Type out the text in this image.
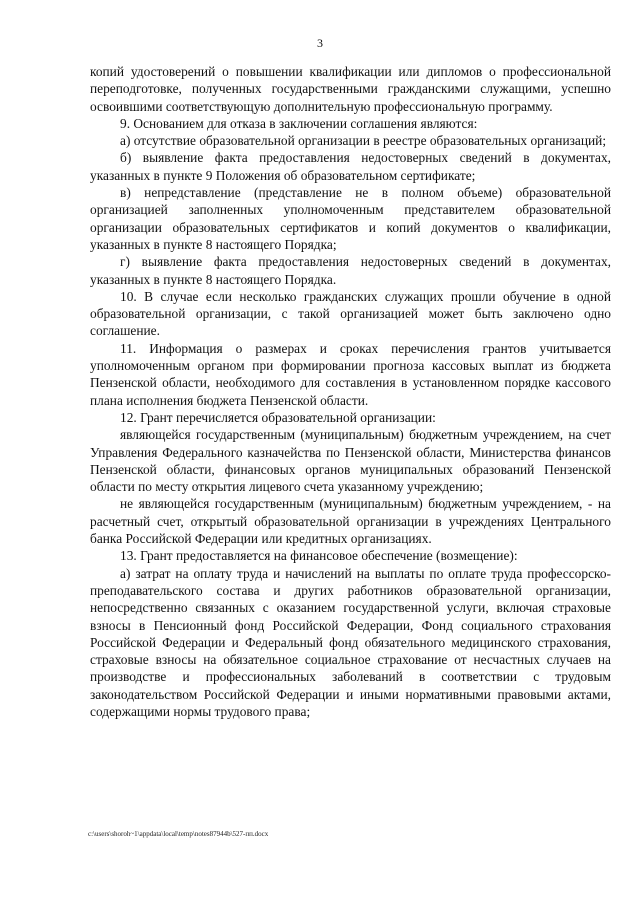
3

копий удостоверений о повышении квалификации или дипломов о профессиональной переподготовке, полученных государственными гражданскими служащими, успешно освоившими соответствующую дополнительную профессиональную программу.

9. Основанием для отказа в заключении соглашения являются:

а) отсутствие образовательной организации в реестре образовательных организаций;

б) выявление факта предоставления недостоверных сведений в документах, указанных в пункте 9 Положения об образовательном сертификате;

в) непредставление (представление не в полном объеме) образовательной организацией заполненных уполномоченным представителем образовательной организации образовательных сертификатов и копий документов о квалификации, указанных в пункте 8 настоящего Порядка;

г) выявление факта предоставления недостоверных сведений в документах, указанных в пункте 8 настоящего Порядка.

10. В случае если несколько гражданских служащих прошли обучение в одной образовательной организации, с такой организацией может быть заключено одно соглашение.

11. Информация о размерах и сроках перечисления грантов учитывается уполномоченным органом при формировании прогноза кассовых выплат из бюджета Пензенской области, необходимого для составления в установленном порядке кассового плана исполнения бюджета Пензенской области.

12. Грант перечисляется образовательной организации:

являющейся государственным (муниципальным) бюджетным учреждением, на счет Управления Федерального казначейства по Пензенской области, Министерства финансов Пензенской области, финансовых органов муниципальных образований Пензенской области по месту открытия лицевого счета указанному учреждению;

не являющейся государственным (муниципальным) бюджетным учреждением, - на расчетный счет, открытый образовательной организации в учреждениях Центрального банка Российской Федерации или кредитных организациях.

13. Грант предоставляется на финансовое обеспечение (возмещение):

а) затрат на оплату труда и начислений на выплаты по оплате труда профессорско-преподавательского состава и других работников образовательной организации, непосредственно связанных с оказанием государственной услуги, включая страховые взносы в Пенсионный фонд Российской Федерации, Фонд социального страхования Российской Федерации и Федеральный фонд обязательного медицинского страхования, страховые взносы на обязательное социальное страхование от несчастных случаев на производстве и профессиональных заболеваний в соответствии с трудовым законодательством Российской Федерации и иными нормативными правовыми актами, содержащими нормы трудового права;

c:\users\shoroh~1\appdata\local\temp\notes87944b\527-пп.docx
